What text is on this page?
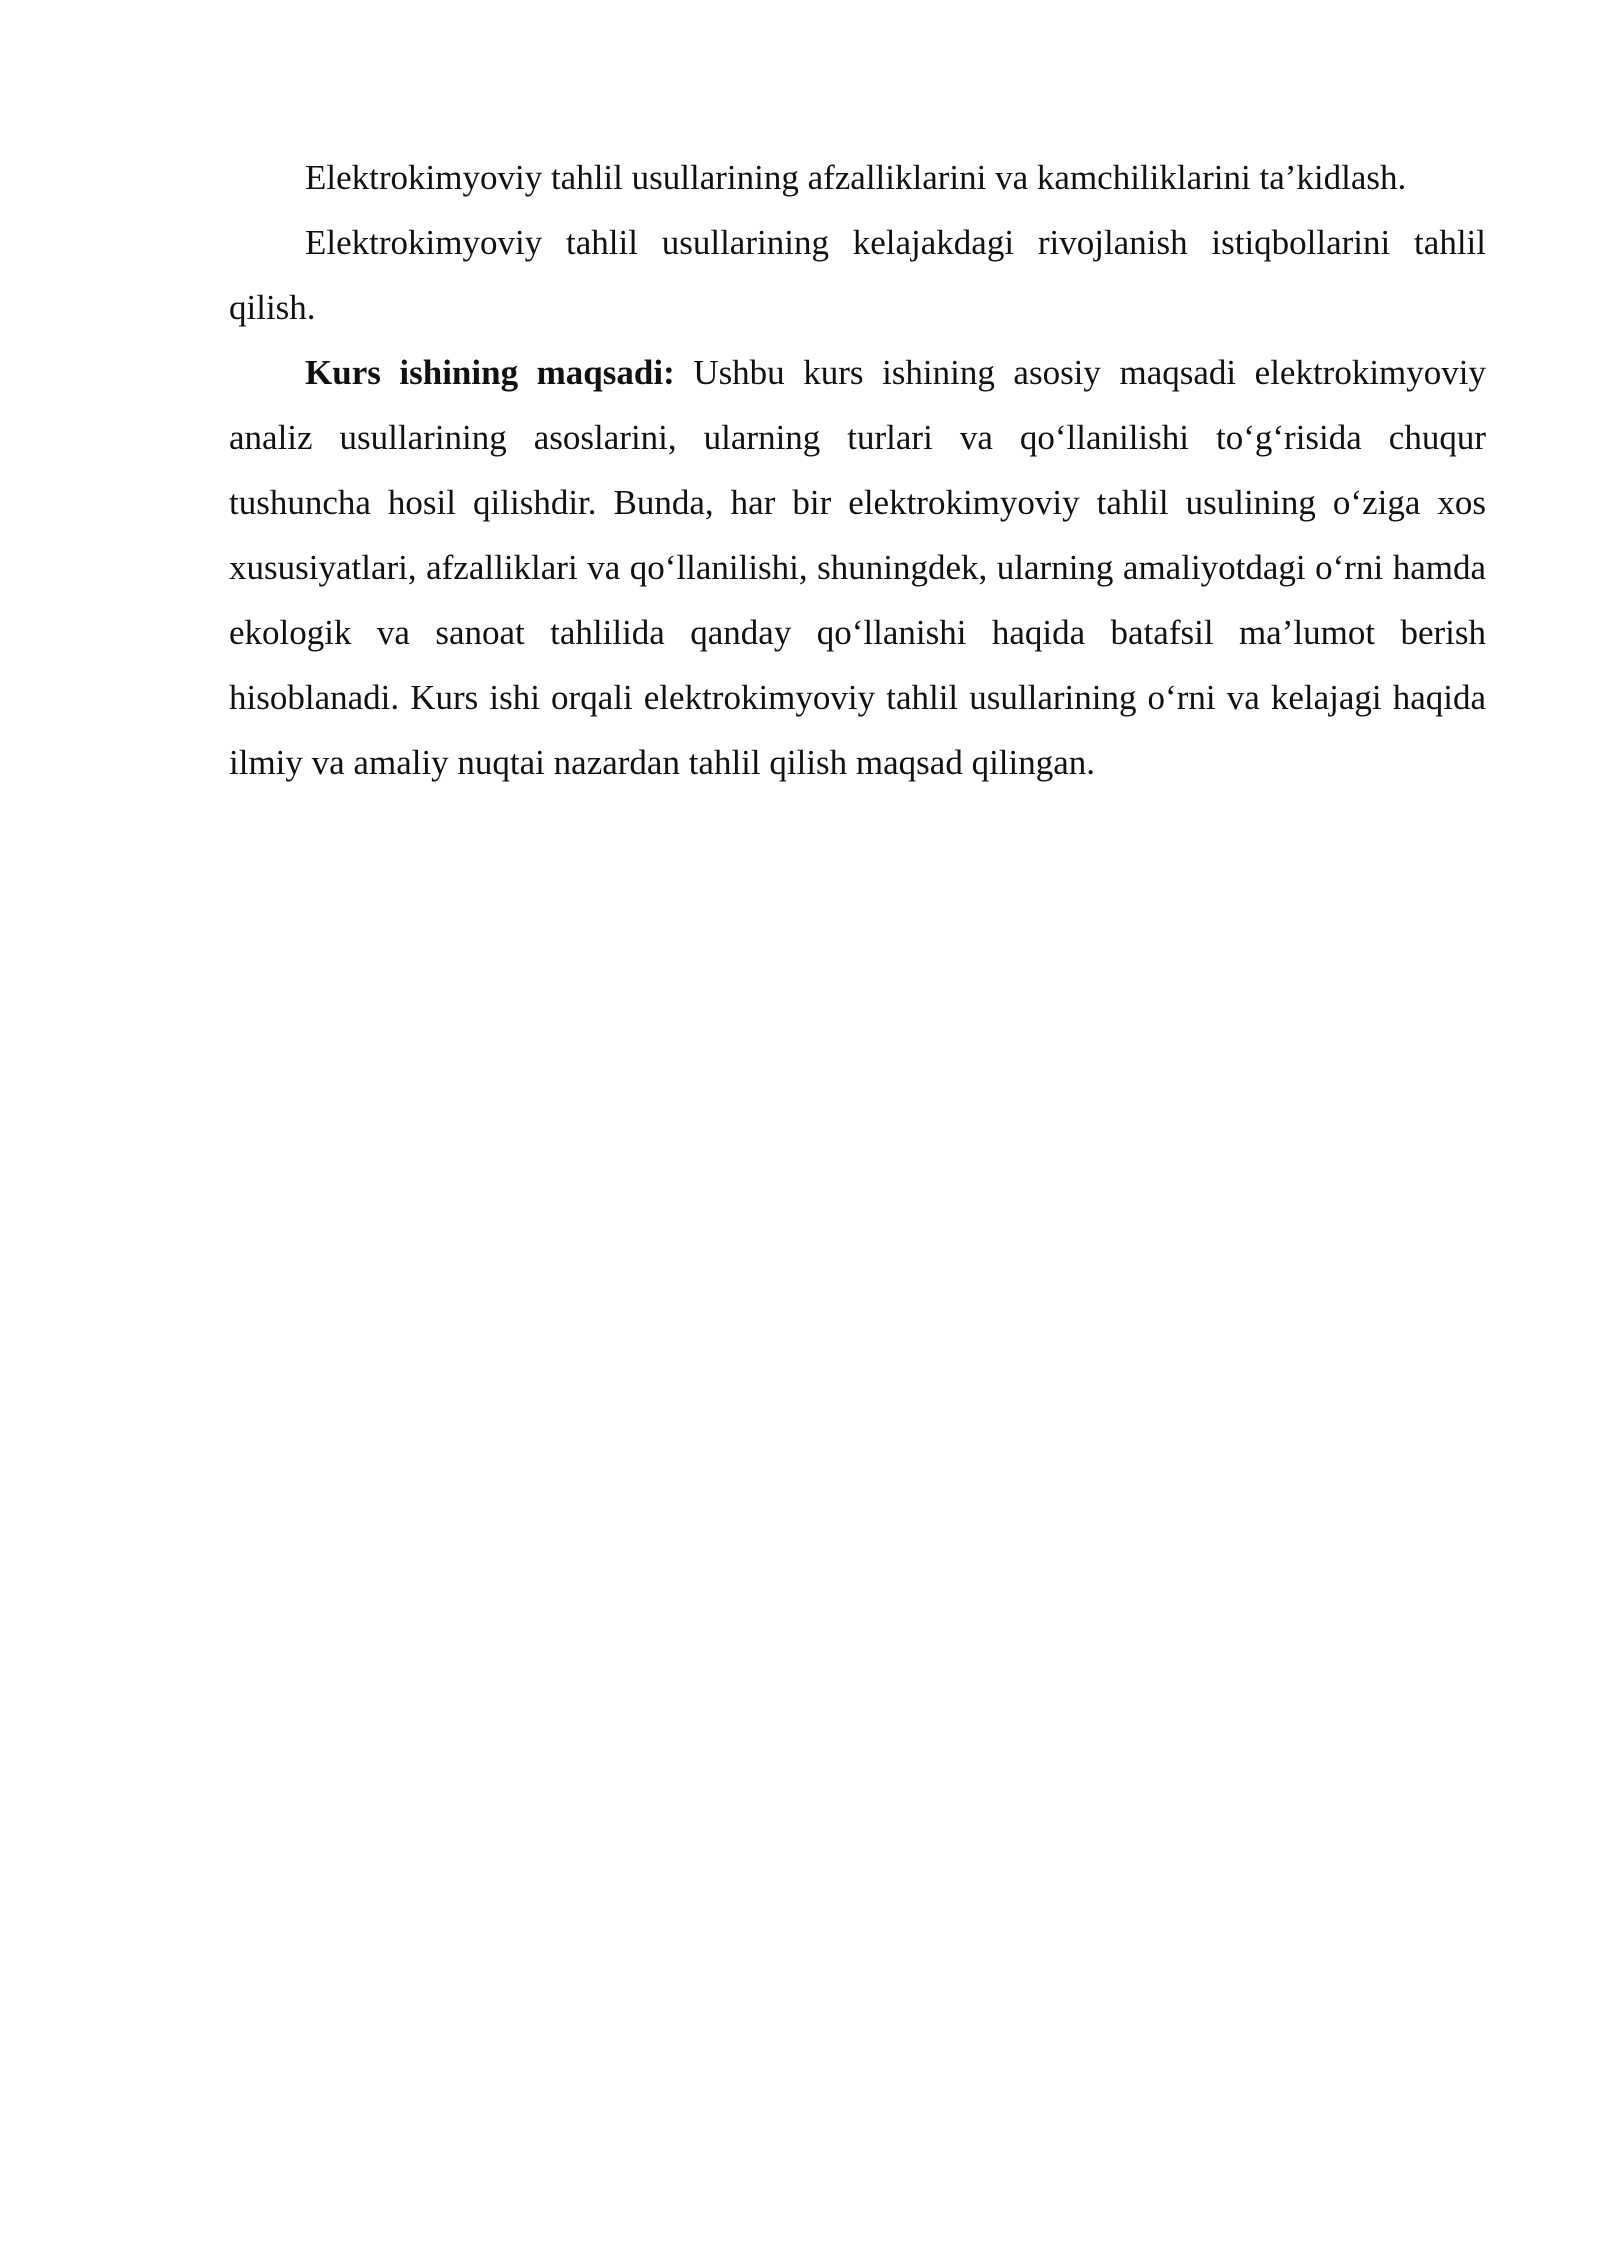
Elektrokimyoviy tahlil usullarining afzalliklarini va kamchiliklarini ta’kidlash.

Elektrokimyoviy tahlil usullarining kelajakdagi rivojlanish istiqbollarini tahlil qilish.

Kurs ishining maqsadi: Ushbu kurs ishining asosiy maqsadi elektrokimyoviy analiz usullarining asoslarini, ularning turlari va qo‘llanilishi to‘g‘risida chuqur tushuncha hosil qilishdir. Bunda, har bir elektrokimyoviy tahlil usulining o‘ziga xos xususiyatlari, afzalliklari va qo‘llanilishi, shuningdek, ularning amaliyotdagi o‘rni hamda ekologik va sanoat tahlilida qanday qo‘llanishi haqida batafsil ma’lumot berish hisoblanadi. Kurs ishi orqali elektrokimyoviy tahlil usullarining o‘rni va kelajagi haqida ilmiy va amaliy nuqtai nazardan tahlil qilish maqsad qilingan.
